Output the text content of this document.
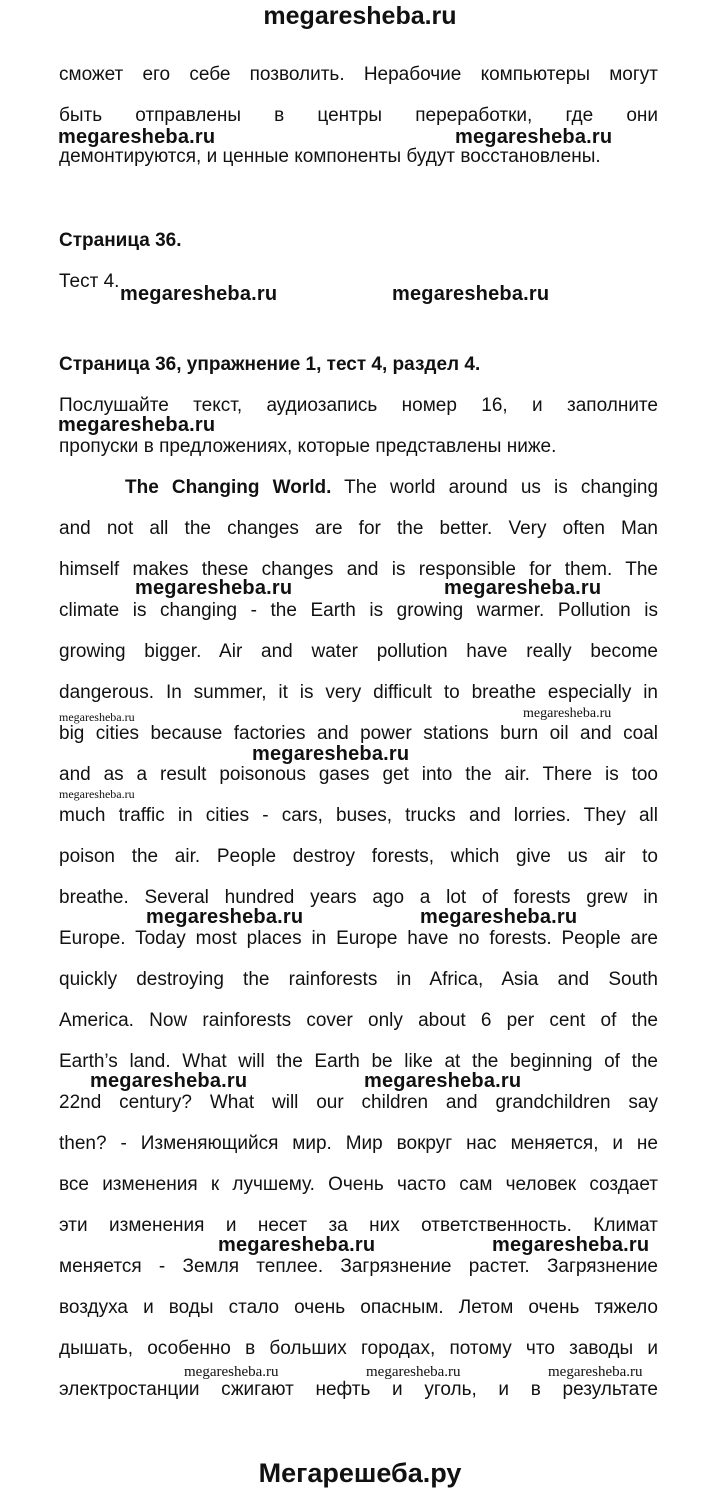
megaresheba.ru
сможет его себе позволить. Нерабочие компьютеры могут
быть отправлены в центры переработки, где они
демонтируются, и ценные компоненты будут восстановлены.
Страница 36.
Тест 4.
Страница 36, упражнение 1, тест 4, раздел 4.
Послушайте текст, аудиозапись номер 16, и заполните
пропуски в предложениях, которые представлены ниже.
The Changing World. The world around us is changing
and not all the changes are for the better. Very often Man
himself makes these changes and is responsible for them. The
climate is changing - the Earth is growing warmer. Pollution is
growing bigger. Air and water pollution have really become
dangerous. In summer, it is very difficult to breathe especially in
big cities because factories and power stations burn oil and coal
and as a result poisonous gases get into the air. There is too
much traffic in cities - cars, buses, trucks and lorries. They all
poison the air. People destroy forests, which give us air to
breathe. Several hundred years ago a lot of forests grew in
Europe. Today most places in Europe have no forests. People are
quickly destroying the rainforests in Africa, Asia and South
America. Now rainforests cover only about 6 per cent of the
Earth’s land. What will the Earth be like at the beginning of the
22nd century? What will our children and grandchildren say
then? - Изменяющийся мир. Мир вокруг нас меняется, и не
все изменения к лучшему. Очень часто сам человек создает
эти изменения и несет за них ответственность. Климат
меняется - Земля теплее. Загрязнение растет. Загрязнение
воздуха и воды стало очень опасным. Летом очень тяжело
дышать, особенно в больших городах, потому что заводы и
электростанции сжигают нефть и уголь, и в результате
megaresheba.ru	megaresheba.ru
megaresheba.ru	megaresheba.ru
megaresheba.ru
megaresheba.ru	megaresheba.ru
megaresheba.ru	megaresheba.ru
megaresheba.ru
megaresheba.ru
megaresheba.ru	megaresheba.ru
megaresheba.ru	megaresheba.ru
megaresheba.ru	megaresheba.ru
megaresheba.ru	megaresheba.ru	megaresheba.ru
Мегарешеба.ру
